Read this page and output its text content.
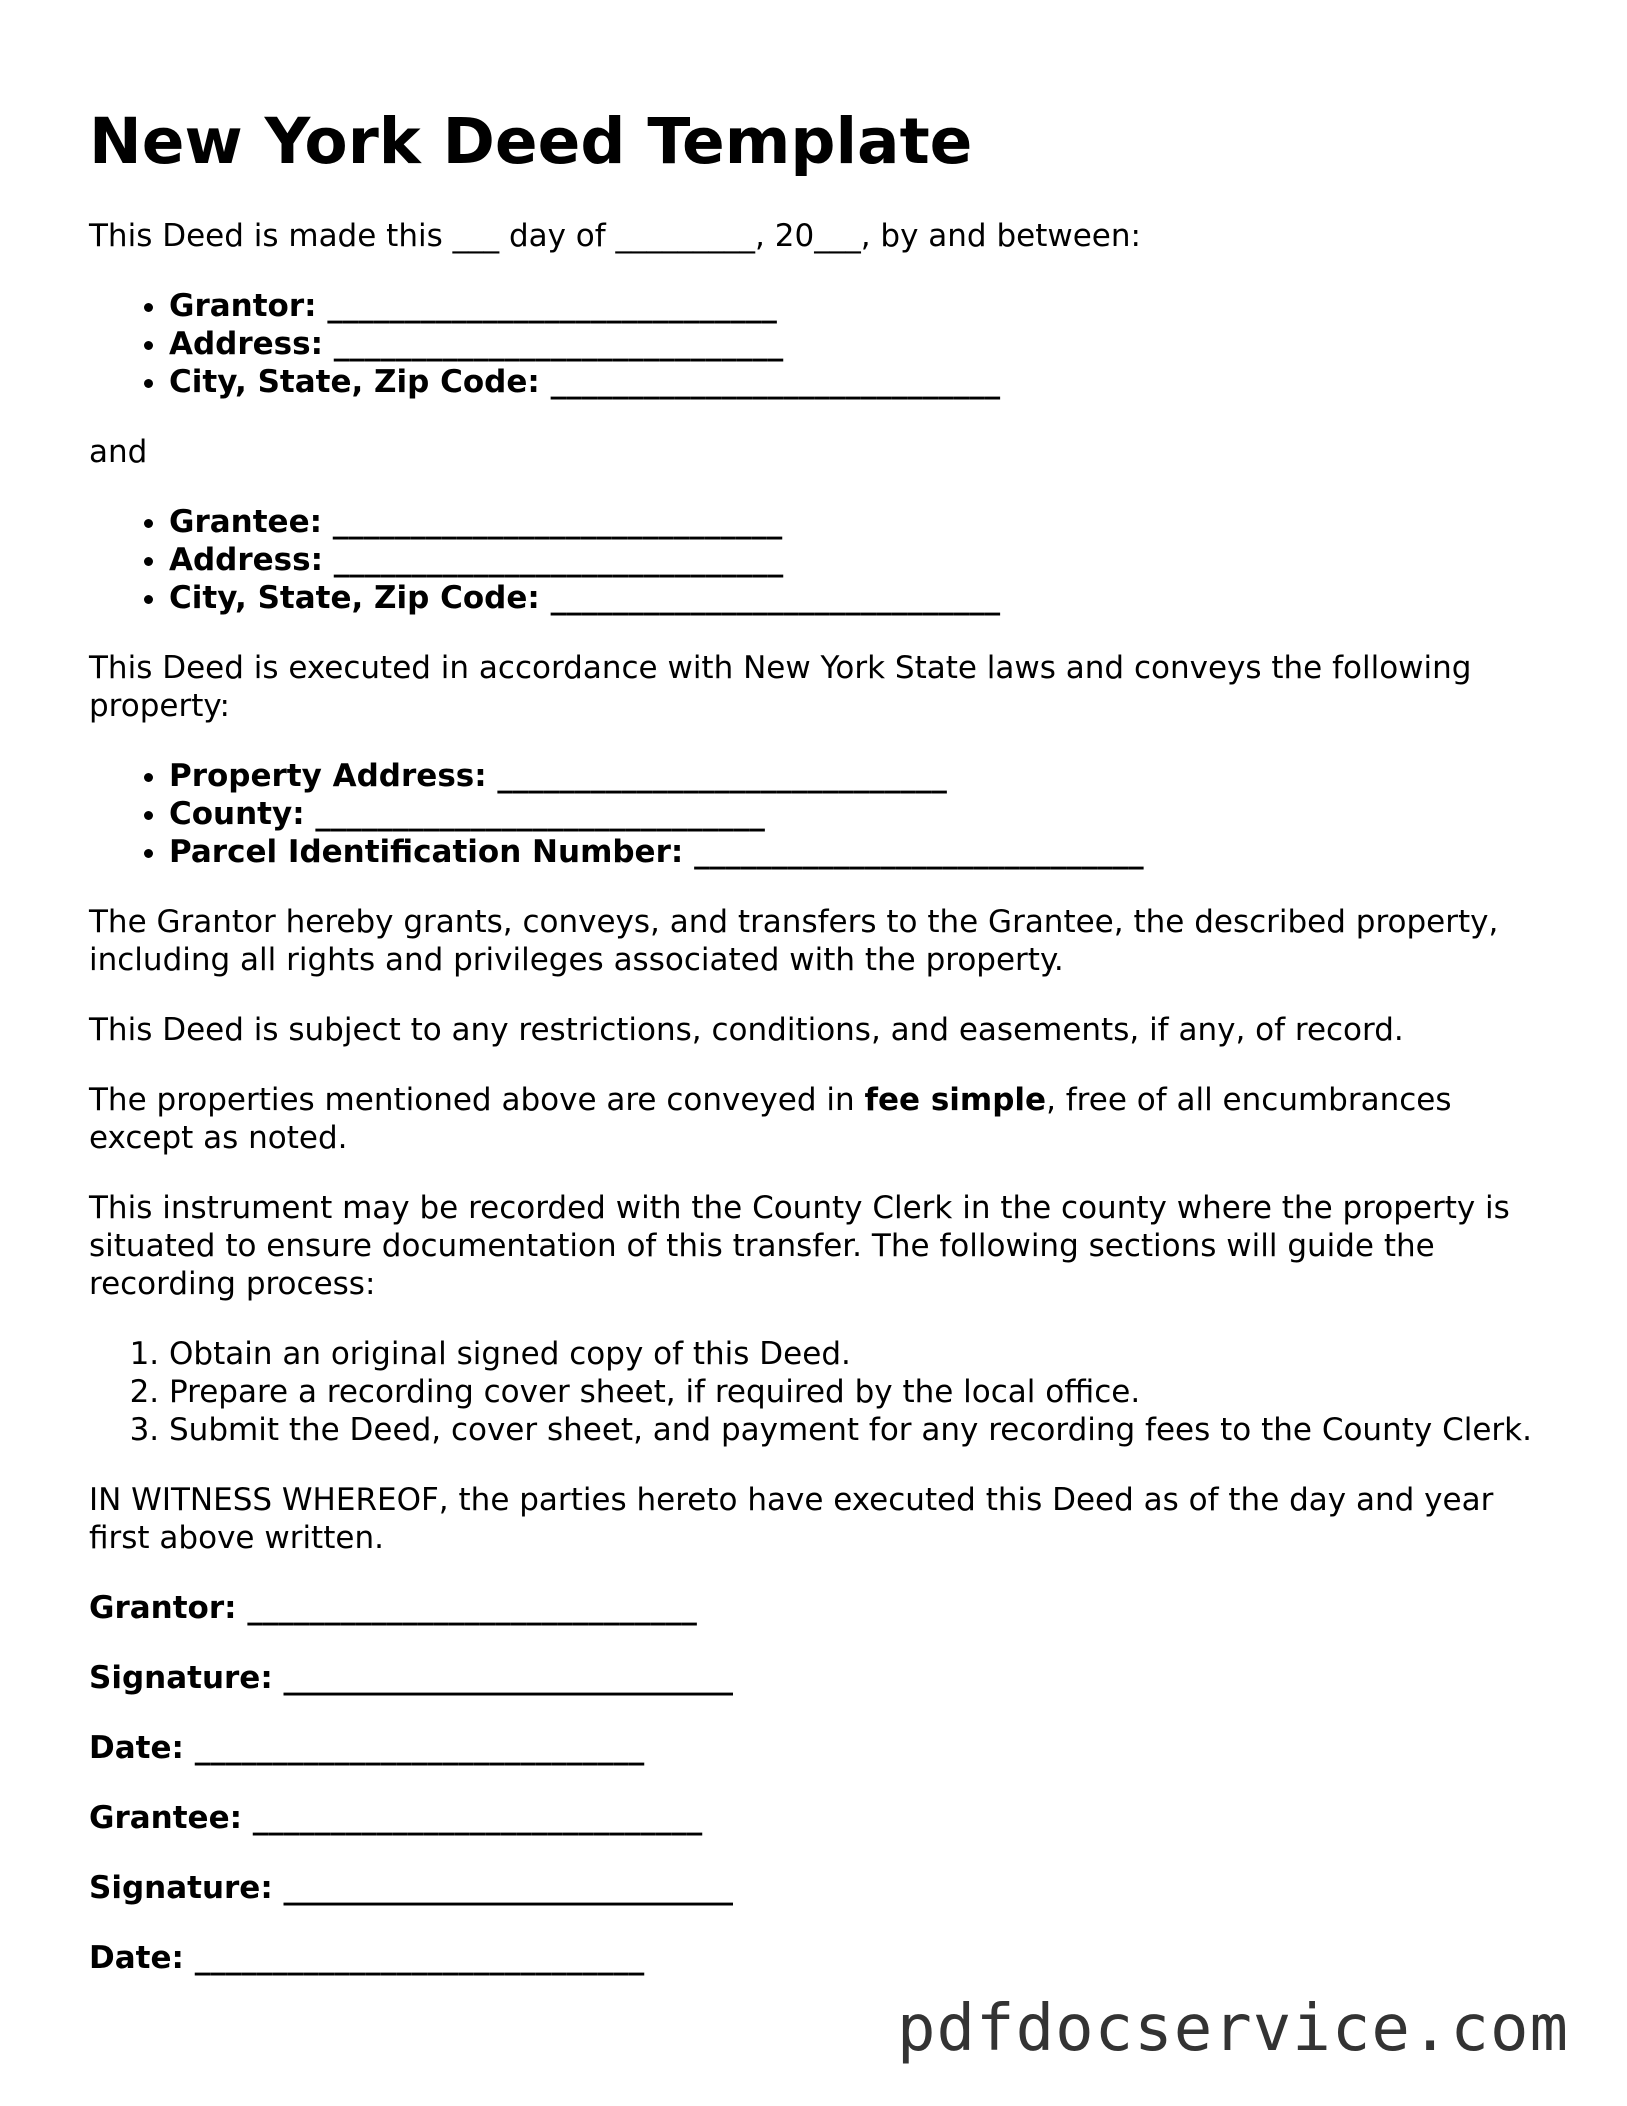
New York Deed Template

This Deed is made this ___ day of _________, 20___, by and between:

• Grantor: _____________________________
• Address: _____________________________
• City, State, Zip Code: _____________________________

and

• Grantee: _____________________________
• Address: _____________________________
• City, State, Zip Code: _____________________________

This Deed is executed in accordance with New York State laws and conveys the following property:

• Property Address: _____________________________
• County: _____________________________
• Parcel Identification Number: _____________________________

The Grantor hereby grants, conveys, and transfers to the Grantee, the described property, including all rights and privileges associated with the property.

This Deed is subject to any restrictions, conditions, and easements, if any, of record.

The properties mentioned above are conveyed in fee simple, free of all encumbrances except as noted.

This instrument may be recorded with the County Clerk in the county where the property is situated to ensure documentation of this transfer. The following sections will guide the recording process:

1. Obtain an original signed copy of this Deed.
2. Prepare a recording cover sheet, if required by the local office.
3. Submit the Deed, cover sheet, and payment for any recording fees to the County Clerk.

IN WITNESS WHEREOF, the parties hereto have executed this Deed as of the day and year first above written.

Grantor: _____________________________
Signature: _____________________________
Date: _____________________________
Grantee: _____________________________
Signature: _____________________________
Date: _____________________________
pdfdocservice.com
